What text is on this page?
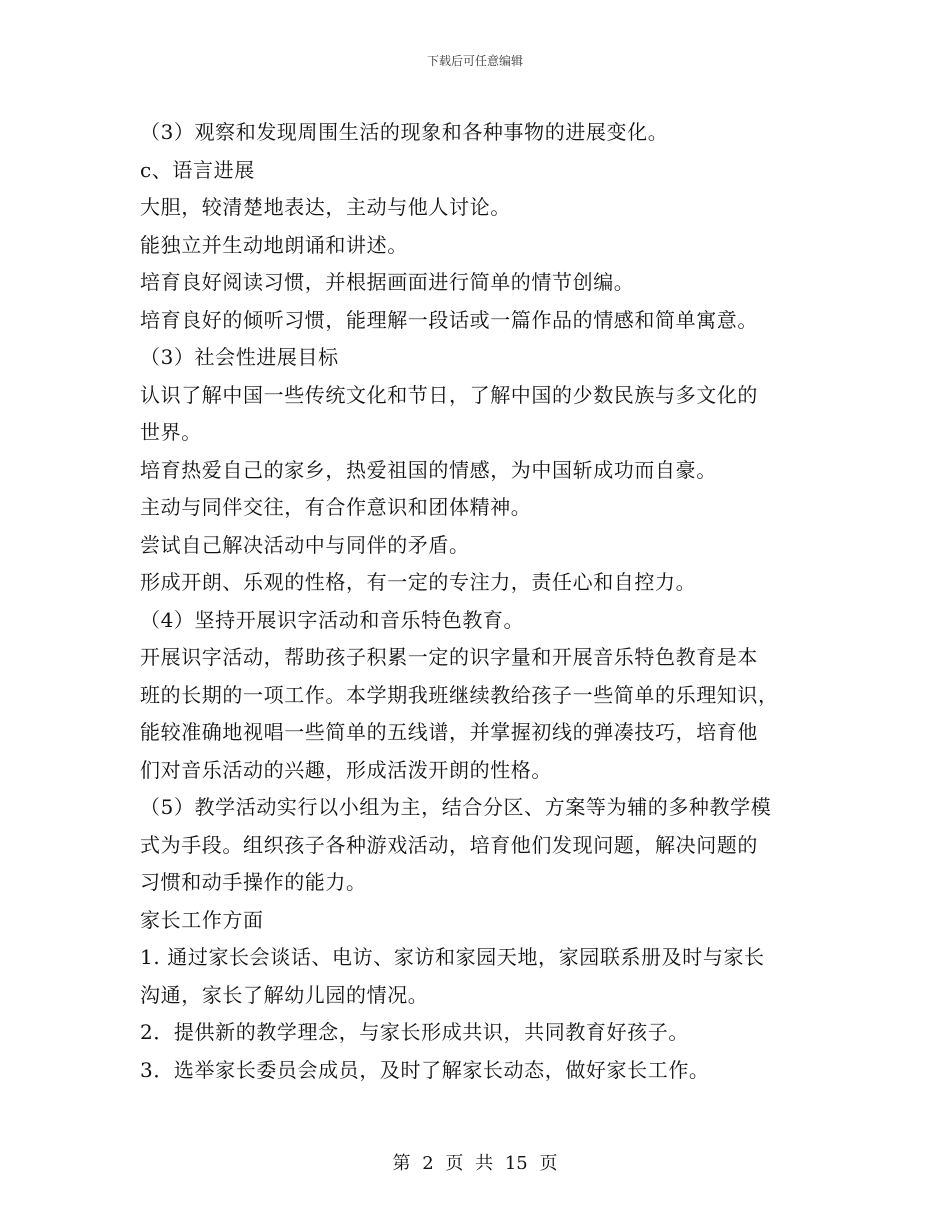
下载后可任意编辑
（3）观察和发现周围生活的现象和各种事物的进展变化。
c、语言进展
大胆，较清楚地表达，主动与他人讨论。
能独立并生动地朗诵和讲述。
培育良好阅读习惯，并根据画面进行简单的情节创编。
培育良好的倾听习惯，能理解一段话或一篇作品的情感和简单寓意。
（3）社会性进展目标
认识了解中国一些传统文化和节日，了解中国的少数民族与多文化的
世界。
培育热爱自己的家乡，热爱祖国的情感，为中国斩成功而自豪。
主动与同伴交往，有合作意识和团体精神。
尝试自己解决活动中与同伴的矛盾。
形成开朗、乐观的性格，有一定的专注力，责任心和自控力。
（4）坚持开展识字活动和音乐特色教育。
开展识字活动，帮助孩子积累一定的识字量和开展音乐特色教育是本
班的长期的一项工作。本学期我班继续教给孩子一些简单的乐理知识，
能较准确地视唱一些简单的五线谱，并掌握初线的弹凑技巧，培育他
们对音乐活动的兴趣，形成活泼开朗的性格。
（5）教学活动实行以小组为主，结合分区、方案等为辅的多种教学模
式为手段。组织孩子各种游戏活动，培育他们发现问题，解决问题的
习惯和动手操作的能力。
家长工作方面
1. 通过家长会谈话、电访、家访和家园天地，家园联系册及时与家长
沟通，家长了解幼儿园的情况。
2．提供新的教学理念，与家长形成共识，共同教育好孩子。
3．选举家长委员会成员，及时了解家长动态，做好家长工作。
第 2 页 共 15 页
